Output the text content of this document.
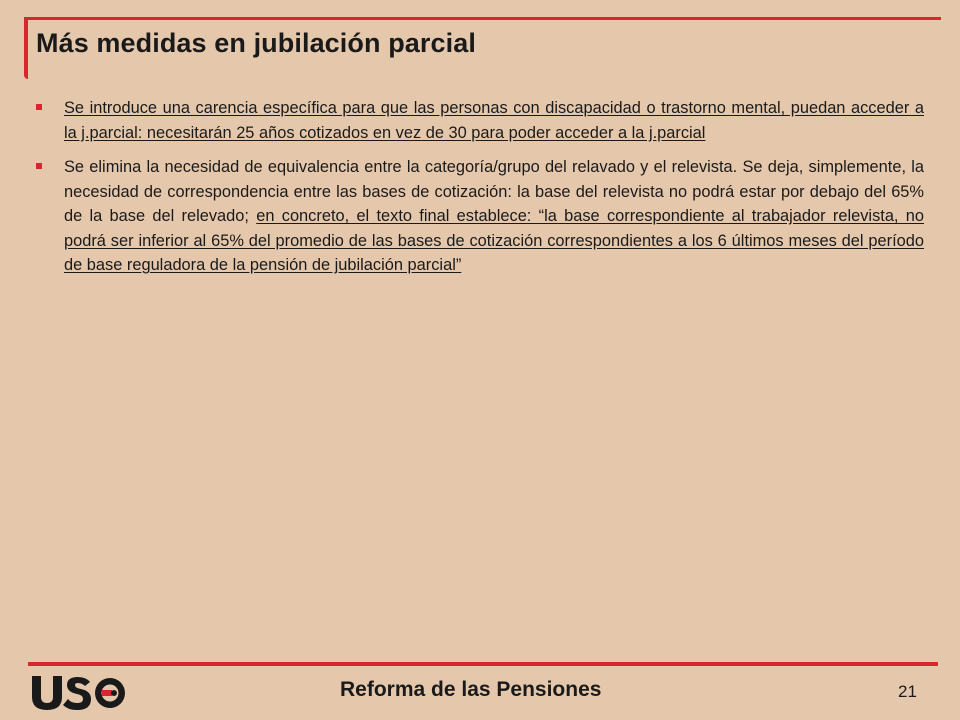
Más medidas en jubilación parcial
Se introduce una carencia específica para que las personas con discapacidad o trastorno mental, puedan acceder a la j.parcial: necesitarán 25 años cotizados en vez de 30 para poder acceder a la j.parcial
Se elimina la necesidad de equivalencia entre la categoría/grupo del relavado y el relevista. Se deja, simplemente, la necesidad de correspondencia entre las bases de cotización: la base del relevista no podrá estar por debajo del 65% de la base del relevado; en concreto, el texto final establece: “la base correspondiente al trabajador relevista, no podrá ser inferior al 65% del promedio de las bases de cotización correspondientes a los 6 últimos meses del período de base reguladora de la pensión de jubilación parcial”
Reforma de las Pensiones	21
